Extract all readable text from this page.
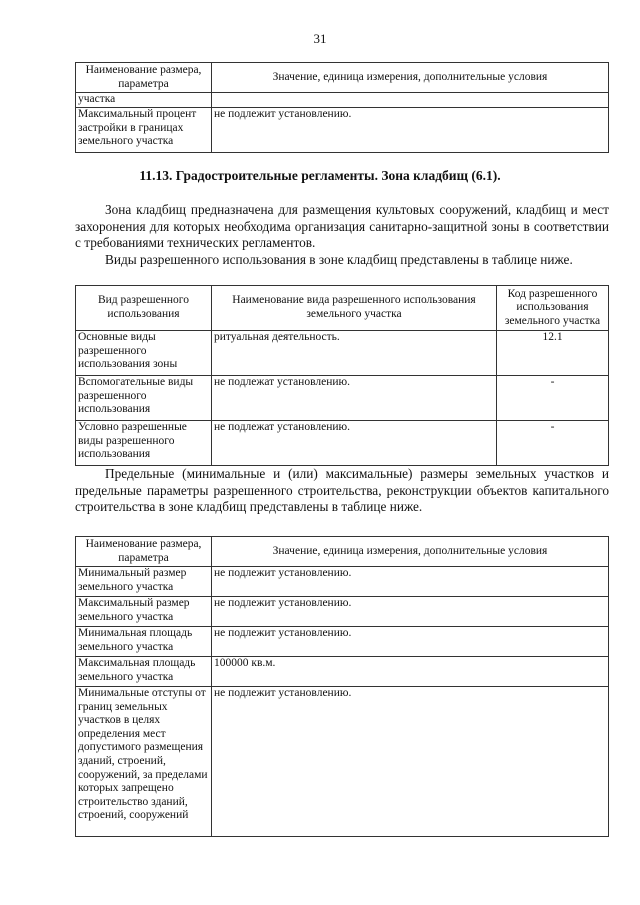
31
Наименование размера, параметра	Значение, единица измерения, дополнительные условия
участка	
Максимальный процент застройки в границах земельного участка	не подлежит установлению.
11.13. Градостроительные регламенты. Зона кладбищ (6.1).

Зона кладбищ предназначена для размещения культовых сооружений, кладбищ и мест захоронения для которых необходима организация санитарно-защитной зоны в соответствии с требованиями технических регламентов.

Виды разрешенного использования в зоне кладбищ представлены в таблице ниже.

Вид разрешенного использования	Наименование вида разрешенного использования земельного участка	Код разрешенного использования земельного участка
Основные виды разрешенного использования зоны	ритуальная деятельность.	12.1
Вспомогательные виды разрешенного использования	не подлежат установлению.	-
Условно разрешенные виды разрешенного использования	не подлежат установлению.	-

Предельные (минимальные и (или) максимальные) размеры земельных участков и предельные параметры разрешенного строительства, реконструкции объектов капитального строительства в зоне кладбищ представлены в таблице ниже.

Наименование размера, параметра	Значение, единица измерения, дополнительные условия
Минимальный размер земельного участка	не подлежит установлению.
Максимальный размер земельного участка	не подлежит установлению.
Минимальная площадь земельного участка	не подлежит установлению.
Максимальная площадь земельного участка	100000 кв.м.
Минимальные отступы от границ земельных участков в целях определения мест допустимого размещения зданий, строений, сооружений, за пределами которых запрещено строительство зданий, строений, сооружений	не подлежит установлению.
